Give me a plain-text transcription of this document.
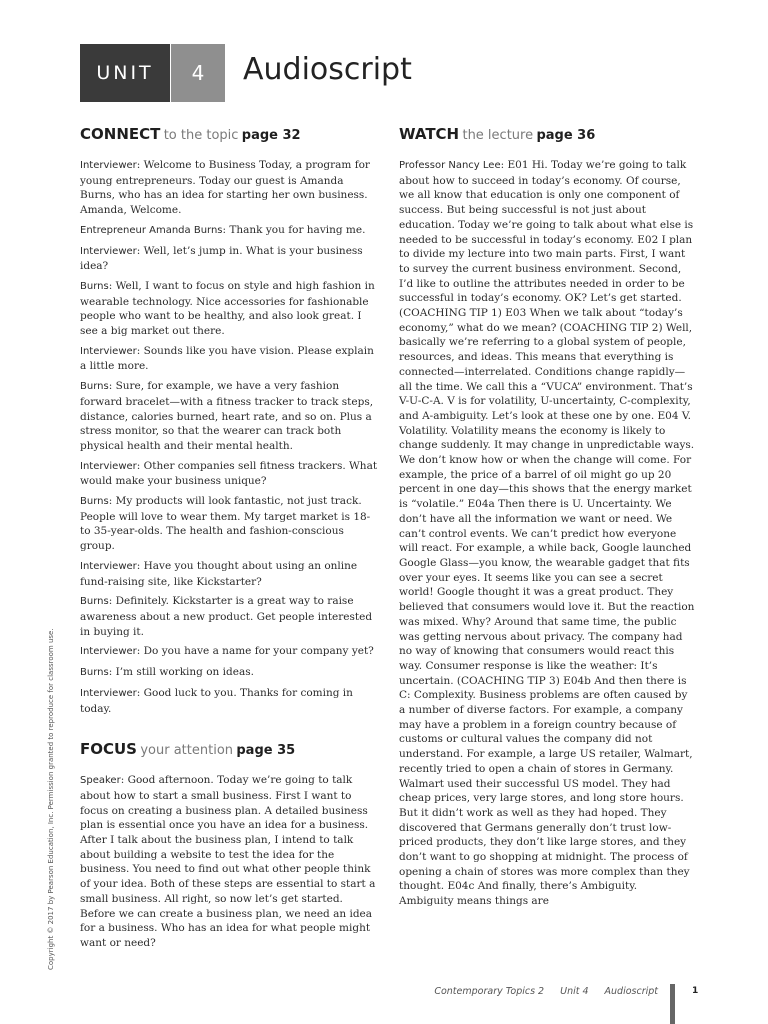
UNIT	4	Audioscript
CONNECT to the topic page 32

Interviewer: Welcome to Business Today, a program for young entrepreneurs. Today our guest is Amanda Burns, who has an idea for starting her own business. Amanda, Welcome.

Entrepreneur Amanda Burns: Thank you for having me.

Interviewer: Well, let’s jump in. What is your business idea?

Burns: Well, I want to focus on style and high fashion in wearable technology. Nice accessories for fashionable people who want to be healthy, and also look great. I see a big market out there.

Interviewer: Sounds like you have vision. Please explain a little more.

Burns: Sure, for example, we have a very fashion forward bracelet—with a fitness tracker to track steps, distance, calories burned, heart rate, and so on. Plus a stress monitor, so that the wearer can track both physical health and their mental health.

Interviewer: Other companies sell fitness trackers. What would make your business unique?

Burns: My products will look fantastic, not just track. People will love to wear them. My target market is 18- to 35-year-olds. The health and fashion-conscious group.

Interviewer: Have you thought about using an online fund-raising site, like Kickstarter?

Burns: Definitely. Kickstarter is a great way to raise awareness about a new product. Get people interested in buying it.

Interviewer: Do you have a name for your company yet?

Burns: I’m still working on ideas.

Interviewer: Good luck to you. Thanks for coming in today.

FOCUS your attention page 35

Speaker: Good afternoon. Today we’re going to talk about how to start a small business. First I want to focus on creating a business plan. A detailed business plan is essential once you have an idea for a business. After I talk about the business plan, I intend to talk about building a website to test the idea for the business. You need to find out what other people think of your idea. Both of these steps are essential to start a small business. All right, so now let’s get started. Before we can create a business plan, we need an idea for a business. Who has an idea for what people might want or need?

WATCH the lecture page 36

Professor Nancy Lee: E01 Hi. Today we’re going to talk about how to succeed in today’s economy. Of course, we all know that education is only one component of success. But being successful is not just about education. Today we’re going to talk about what else is needed to be successful in today’s economy. E02 I plan to divide my lecture into two main parts. First, I want to survey the current business environment. Second, I’d like to outline the attributes needed in order to be successful in today’s economy. OK? Let’s get started. (COACHING TIP 1) E03 When we talk about “today’s economy,” what do we mean? (COACHING TIP 2) Well, basically we’re referring to a global system of people, resources, and ideas. This means that everything is connected—interrelated. Conditions change rapidly—all the time. We call this a “VUCA” environment. That’s V-U-C-A. V is for volatility, U-uncertainty, C-complexity, and A-ambiguity. Let’s look at these one by one. E04 V. Volatility. Volatility means the economy is likely to change suddenly. It may change in unpredictable ways. We don’t know how or when the change will come. For example, the price of a barrel of oil might go up 20 percent in one day—this shows that the energy market is “volatile.” E04a Then there is U. Uncertainty. We don’t have all the information we want or need. We can’t control events. We can’t predict how everyone will react. For example, a while back, Google launched Google Glass—you know, the wearable gadget that fits over your eyes. It seems like you can see a secret world! Google thought it was a great product. They believed that consumers would love it. But the reaction was mixed. Why? Around that same time, the public was getting nervous about privacy. The company had no way of knowing that consumers would react this way. Consumer response is like the weather: It’s uncertain. (COACHING TIP 3) E04b And then there is C: Complexity. Business problems are often caused by a number of diverse factors. For example, a company may have a problem in a foreign country because of customs or cultural values the company did not understand. For example, a large US retailer, Walmart, recently tried to open a chain of stores in Germany. Walmart used their successful US model. They had cheap prices, very large stores, and long store hours. But it didn’t work as well as they had hoped. They discovered that Germans generally don’t trust low-priced products, they don’t like large stores, and they don’t want to go shopping at midnight. The process of opening a chain of stores was more complex than they thought. E04c And finally, there’s Ambiguity. Ambiguity means things are

Copyright © 2017 by Pearson Education, Inc. Permission granted to reproduce for classroom use.
Contemporary Topics 2 Unit 4 Audioscript	1
